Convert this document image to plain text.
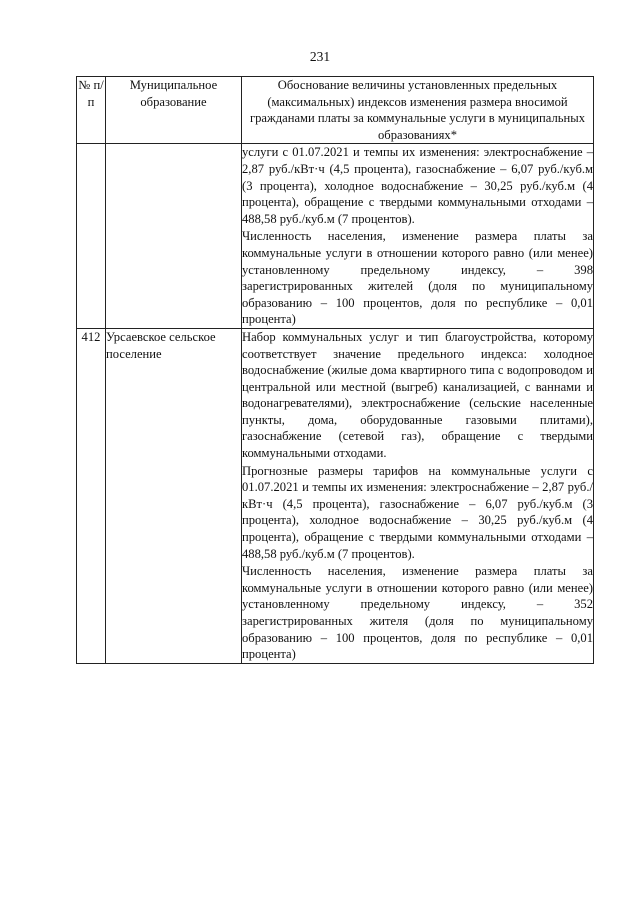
231
№ п/п	Муниципальное образование	Обоснование величины установленных предельных (максимальных) индексов изменения размера вносимой гражданами платы за коммунальные услуги в муниципальных образованиях*

		услуги с 01.07.2021 и темпы их изменения: электроснабжение – 2,87 руб./кВт·ч (4,5 процента), газоснабжение – 6,07 руб./куб.м (3 процента), холодное водоснабжение – 30,25 руб./куб.м (4 процента), обращение с твердыми коммунальными отходами – 488,58 руб./куб.м (7 процентов).

Численность населения, изменение размера платы за коммунальные услуги в отношении которого равно (или менее) установленному предельному индексу, – 398 зарегистрированных жителей (доля по муниципальному образованию – 100 процентов, доля по республике – 0,01 процента)

412	Урсаевское сельское поселение	Набор коммунальных услуг и тип благоустройства, которому соответствует значение предельного индекса: холодное водоснабжение (жилые дома квартирного типа с водопроводом и центральной или местной (выгреб) канализацией, с ваннами и водонагревателями), электроснабжение (сельские населенные пункты, дома, оборудованные газовыми плитами), газоснабжение (сетевой газ), обращение с твердыми коммунальными отходами.

Прогнозные размеры тарифов на коммунальные услуги с 01.07.2021 и темпы их изменения: электроснабжение – 2,87 руб./кВт·ч (4,5 процента), газоснабжение – 6,07 руб./куб.м (3 процента), холодное водоснабжение – 30,25 руб./куб.м (4 процента), обращение с твердыми коммунальными отходами – 488,58 руб./куб.м (7 процентов).

Численность населения, изменение размера платы за коммунальные услуги в отношении которого равно (или менее) установленному предельному индексу, – 352 зарегистрированных жителя (доля по муниципальному образованию – 100 процентов, доля по республике – 0,01 процента)
